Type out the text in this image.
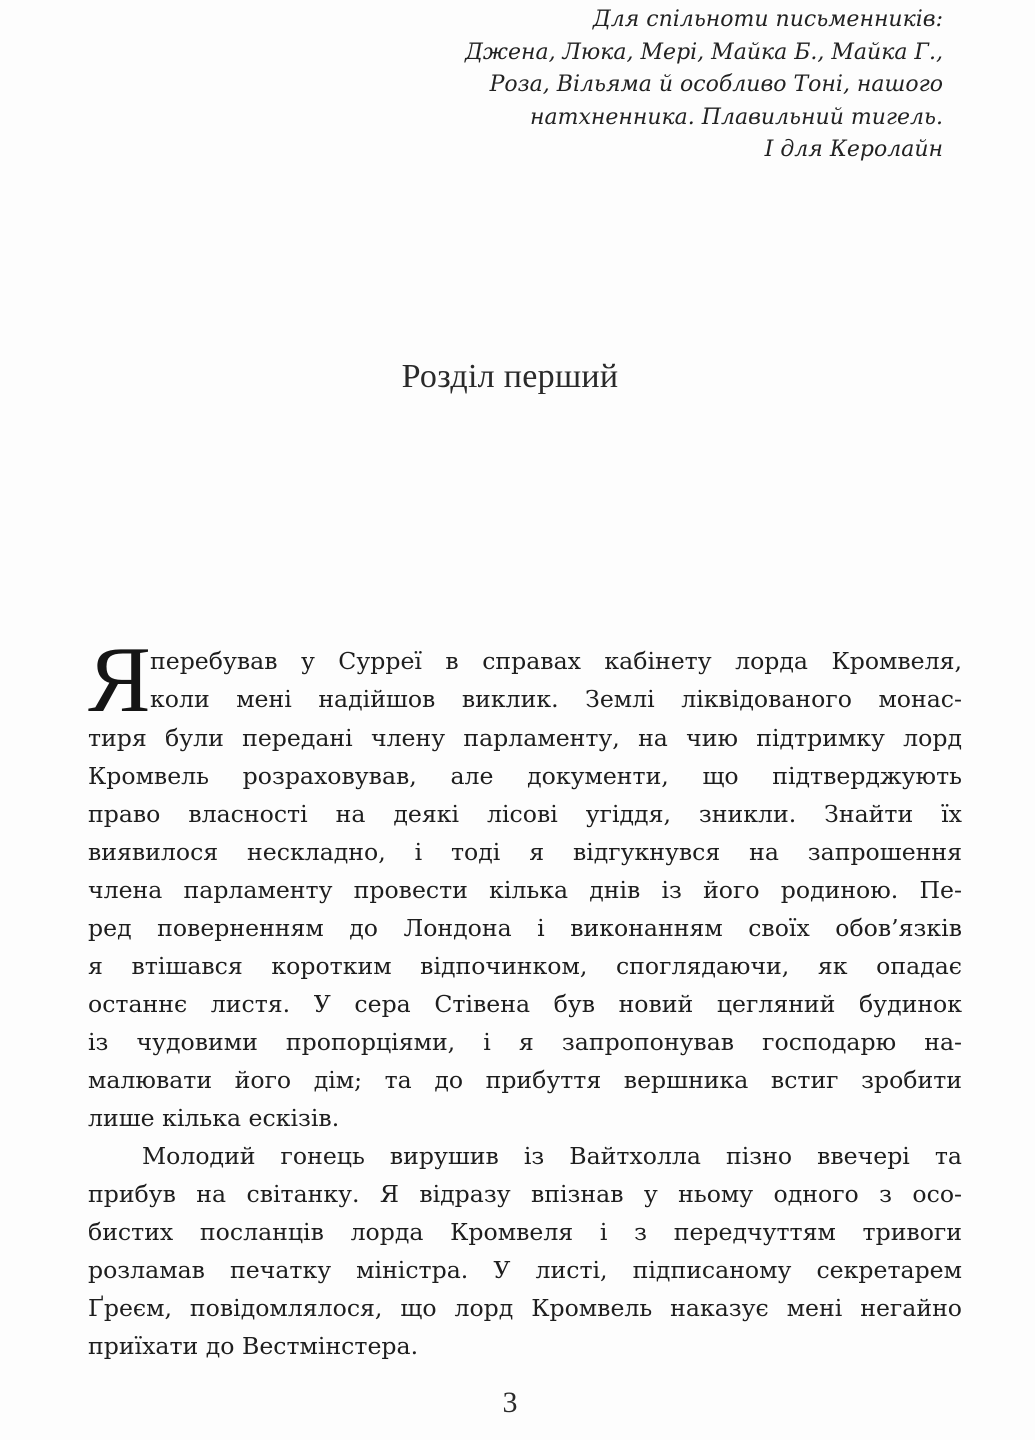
Для спільноти письменників:
Джена, Люка, Мері, Майка Б., Майка Г.,
Роза, Вільяма й особливо Тоні, нашого
натхненника. Плавильний тигель.
І для Керолайн
Розділ перший
Я перебував у Сурреї в справах кабінету лорда Кромвеля,
коли мені надійшов виклик. Землі ліквідованого монас-
тиря були передані члену парламенту, на чию підтримку лорд
Кромвель розраховував, але документи, що підтверджують
право власності на деякі лісові угіддя, зникли. Знайти їх
виявилося нескладно, і тоді я відгукнувся на запрошення
члена парламенту провести кілька днів із його родиною. Пе-
ред поверненням до Лондона і виконанням своїх обов’язків
я втішався коротким відпочинком, споглядаючи, як опадає
останнє листя. У сера Стівена був новий цегляний будинок
із чудовими пропорціями, і я запропонував господарю на-
малювати його дім; та до прибуття вершника встиг зробити
лише кілька ескізів.
Молодий гонець вирушив із Вайтхолла пізно ввечері та
прибув на світанку. Я відразу впізнав у ньому одного з осо-
бистих посланців лорда Кромвеля і з передчуттям тривоги
розламав печатку міністра. У листі, підписаному секретарем
Ґреєм, повідомлялося, що лорд Кромвель наказує мені негайно
приїхати до Вестмінстера.
3
